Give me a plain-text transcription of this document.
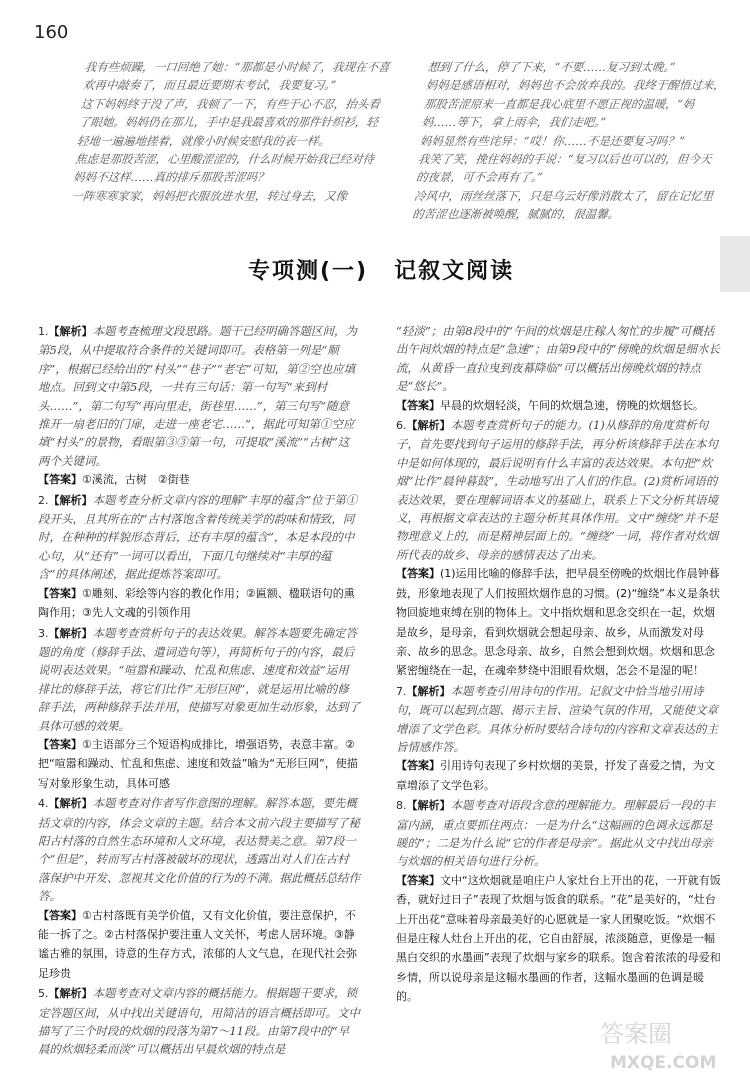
160

我有些烦躁，一口回绝了她：“那都是小时候了，我现在不喜欢再中敲奏了，而且最近要期末考试，我要复习。”

这下妈妈终于没了声，我顿了一下，有些于心不忍，抬头看了眼她。妈妈仍在那儿，手中是我最喜欢的那件针织衫，轻轻地一遍遍地搓着，就像小时候安慰我的表一样。

焦虑是那股苦涩，心里酸涩涩的，什么时候开始我已经对待妈妈不这样……真的排斥那股苦涩吗？

一阵寒寒家家，妈妈把衣服放进水里，转过身去，又像

想到了什么，停了下来，“不要……复习到太晚。”

妈妈是感语相对，妈妈也不会放弃我的。我终于醒悟过来，那股苦涩原来一直都是我心底里不愿正视的温暖，“妈妈……等下，拿上雨伞，我们走吧。”

妈妈显然有些诧异：“哎！你……不是还要复习吗？”

我笑了笑，挽住妈妈的手说：“复习以后也可以的，但今天的夜景，可不会再有了。”

冷风中，雨丝丝落下，只是乌云好像消散太了，留在记忆里的苦涩也逐渐被唤醒，腻腻的，很温馨。

专项测(一) 记叙文阅读
1.【解析】本题考查梳理文段思路。题干已经明确答题区间，为第5段，从中提取符合条件的关键词即可。表格第一列是“顺序”，根据已经给出的“村头”“巷子”“老宅”可知，第②空也应填地点。回到文中第5段，一共有三句话：第一句写“来到村头……”，第二句写“再向里走，街巷里……”，第三句写“随意推开一扇老旧的门扉，走进一座老宅……”，据此可知第①空应填“村头”的景物，看眼第③③第一句，可提取“溪流”“古树”这两个关键词。
【答案】①溪流，古树　②街巷
2.【解析】本题考查分析文章内容的理解“丰厚的蕴含”位于第①段开头，且其所在的“古村落饱含着传统美学的韵味和情致，同时，在种种的样貌形态背后，还有丰厚的蕴含”，本是本段的中心句，从“还有”一词可以看出，下面几句继续对“丰厚的蕴含”的具体阐述，据此提炼答案即可。
【答案】①雕刻、彩绘等内容的教化作用；②匾额、楹联语句的熏陶作用；③先人文魂的引领作用
3.【解析】本题考查赏析句子的表达效果。解答本题要先确定答题的角度（修辞手法、遣词造句等），再简析句子的内容，最后说明表达效果。“喧嚣和躁动、忙乱和焦虑、速度和效益”运用排比的修辞手法，将它们比作“无形巨网”，就是运用比喻的修辞手法，两种修辞手法并用，使描写对象更加生动形象，达到了具体可感的效果。
【答案】①主语部分三个短语构成排比，增强语势，表意丰富。②把“喧嚣和躁动、忙乱和焦虑、速度和效益”喻为“无形巨网”，使描写对象形象生动，具体可感
4.【解析】本题考查对作者写作意图的理解。解答本题，要先概括文章的内容，体会文章的主题。结合本文前六段主要描写了秘阳古村落的自然生态环境和人文环境，表达赞美之意。第7段一个“但是”，转而写古村落被破坏的现状，透露出对人们在古村落保护中开发、忽视其文化价值的行为的不满。据此概括总结作答。
【答案】①古村落既有美学价值，又有文化价值，要注意保护，不能一拆了之。②古村落保护要注重人文关怀，考虑人居环境。③静谧古雅的氛围，诗意的生存方式，浓郁的人文气息，在现代社会弥足珍贵
5.【解析】本题考查对文章内容的概括能力。根据题干要求，锁定答题区间，从中找出关键语句，用简洁的语言概括即可。文中描写了三个时段的炊烟的段落为第7～11段。由第7段中的“早晨的炊烟轻柔而淡”可以概括出早晨炊烟的特点是
“轻淡”；由第8段中的“午间的炊烟是庄稼人匆忙的步履”可概括出午间炊烟的特点是“急速”；由第9段中的“傍晚的炊烟是细水长流，从黄昏一直拉曳到夜幕降临”可以概括出傍晚炊烟的特点是“悠长”。
【答案】早晨的炊烟轻淡，午间的炊烟急速，傍晚的炊烟悠长。
6.【解析】本题考查赏析句子的能力。(1)从修辞的角度赏析句子，首先要找到句子运用的修辞手法，再分析该修辞手法在本句中是如何体现的，最后说明有什么丰富的表达效果。本句把“炊烟”比作“晨钟暮鼓”，生动地写出了人们的作息。(2)赏析词语的表达效果，要在理解词语本义的基础上，联系上下文分析其语境义，再根据文章表达的主题分析其具体作用。文中“缠绕”并不是物理意义上的，而是精神层面上的。“缠绕”一词，将作者对炊烟所代表的故乡、母亲的感情表达了出来。
【答案】(1)运用比喻的修辞手法，把早晨至傍晚的炊烟比作晨钟暮鼓，形象地表现了人们按照炊烟作息的习惯。(2)“缠绕”本义是条状物回旋地束缚在别的物体上。文中指炊烟和思念交织在一起，炊烟是故乡，是母亲，看到炊烟就会想起母亲、故乡，从而激发对母亲、故乡的思念。思念母亲、故乡，自然会想到炊烟。炊烟和思念紧密缠绕在一起，在魂牵梦绕中泪眼看炊烟，怎会不是湿的呢！
7.【解析】本题考查引用诗句的作用。记叙文中恰当地引用诗句，既可以起到点题、揭示主旨、渲染气氛的作用，又能使文章增添了文学色彩。具体分析时要结合诗句的内容和文章表达的主旨情感作答。
【答案】引用诗句表现了乡村炊烟的美景，抒发了喜爱之情，为文章增添了文学色彩。
8.【解析】本题考查对语段含意的理解能力。理解最后一段的丰富内涵，重点要抓住两点：一是为什么“这幅画的色调永远都是暖的”；二是为什么说“它的作者是母亲”。据此从文中找出母亲与炊烟的相关语句进行分析。
【答案】文中“这炊烟就是咱庄户人家灶台上开出的花，一开就有饭香，就好过日子”表现了炊烟与饭食的联系。“花”是美好的，“灶台上开出花”意味着母亲最美好的心愿就是一家人团聚吃饭。“炊烟不但是庄稼人灶台上开出的花，它自由舒展，浓淡随意，更像是一幅黑白交织的水墨画”表现了炊烟与家乡的联系。饱含着浓浓的母爱和乡情，所以说母亲是这幅水墨画的作者，这幅水墨画的色调是暖的。
答案圈
MXQE.COM
